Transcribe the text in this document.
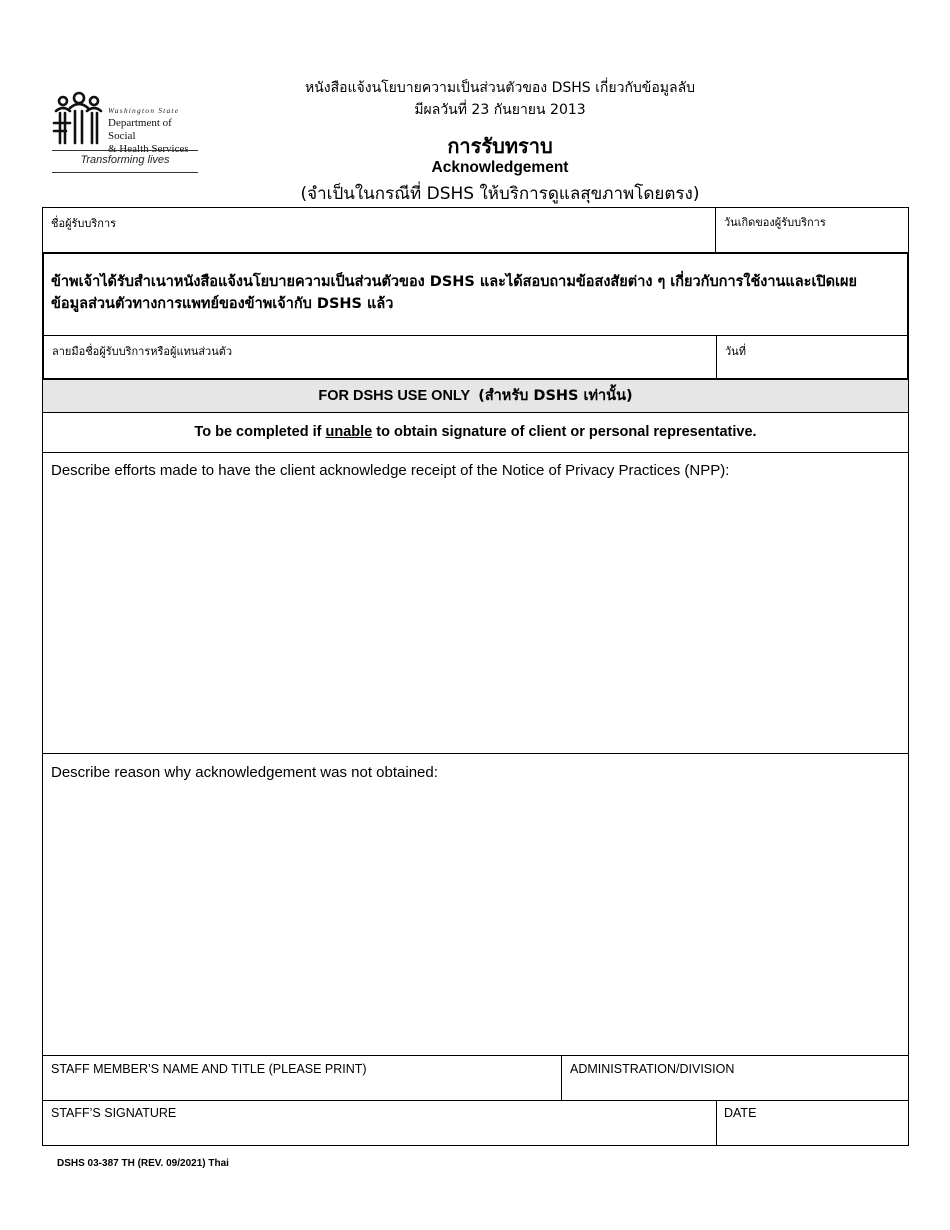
Washington State
Department of Social
& Health Services
Transforming lives
หนังสือแจ้งนโยบายความเป็นส่วนตัวของ DSHS เกี่ยวกับข้อมูลลับ
มีผลวันที่ 23 กันยายน 2013
การรับทราบ
Acknowledgement
(จำเป็นในกรณีที่ DSHS ให้บริการดูแลสุขภาพโดยตรง)
ชื่อผู้รับบริการ	วันเกิดของผู้รับบริการ
ข้าพเจ้าได้รับสำเนาหนังสือแจ้งนโยบายความเป็นส่วนตัวของ DSHS และได้สอบถามข้อสงสัยต่าง ๆ เกี่ยวกับการใช้งานและเปิดเผยข้อมูลส่วนตัวทางการแพทย์ของข้าพเจ้ากับ DSHS แล้ว
ลายมือชื่อผู้รับบริการหรือผู้แทนส่วนตัว	วันที่
FOR DSHS USE ONLY (สำหรับ DSHS เท่านั้น)
To be completed if unable to obtain signature of client or personal representative.
Describe efforts made to have the client acknowledge receipt of the Notice of Privacy Practices (NPP):
Describe reason why acknowledgement was not obtained:
STAFF MEMBER’S NAME AND TITLE (PLEASE PRINT)	ADMINISTRATION/DIVISION
STAFF’S SIGNATURE	DATE
DSHS 03-387 TH (REV. 09/2021) Thai
